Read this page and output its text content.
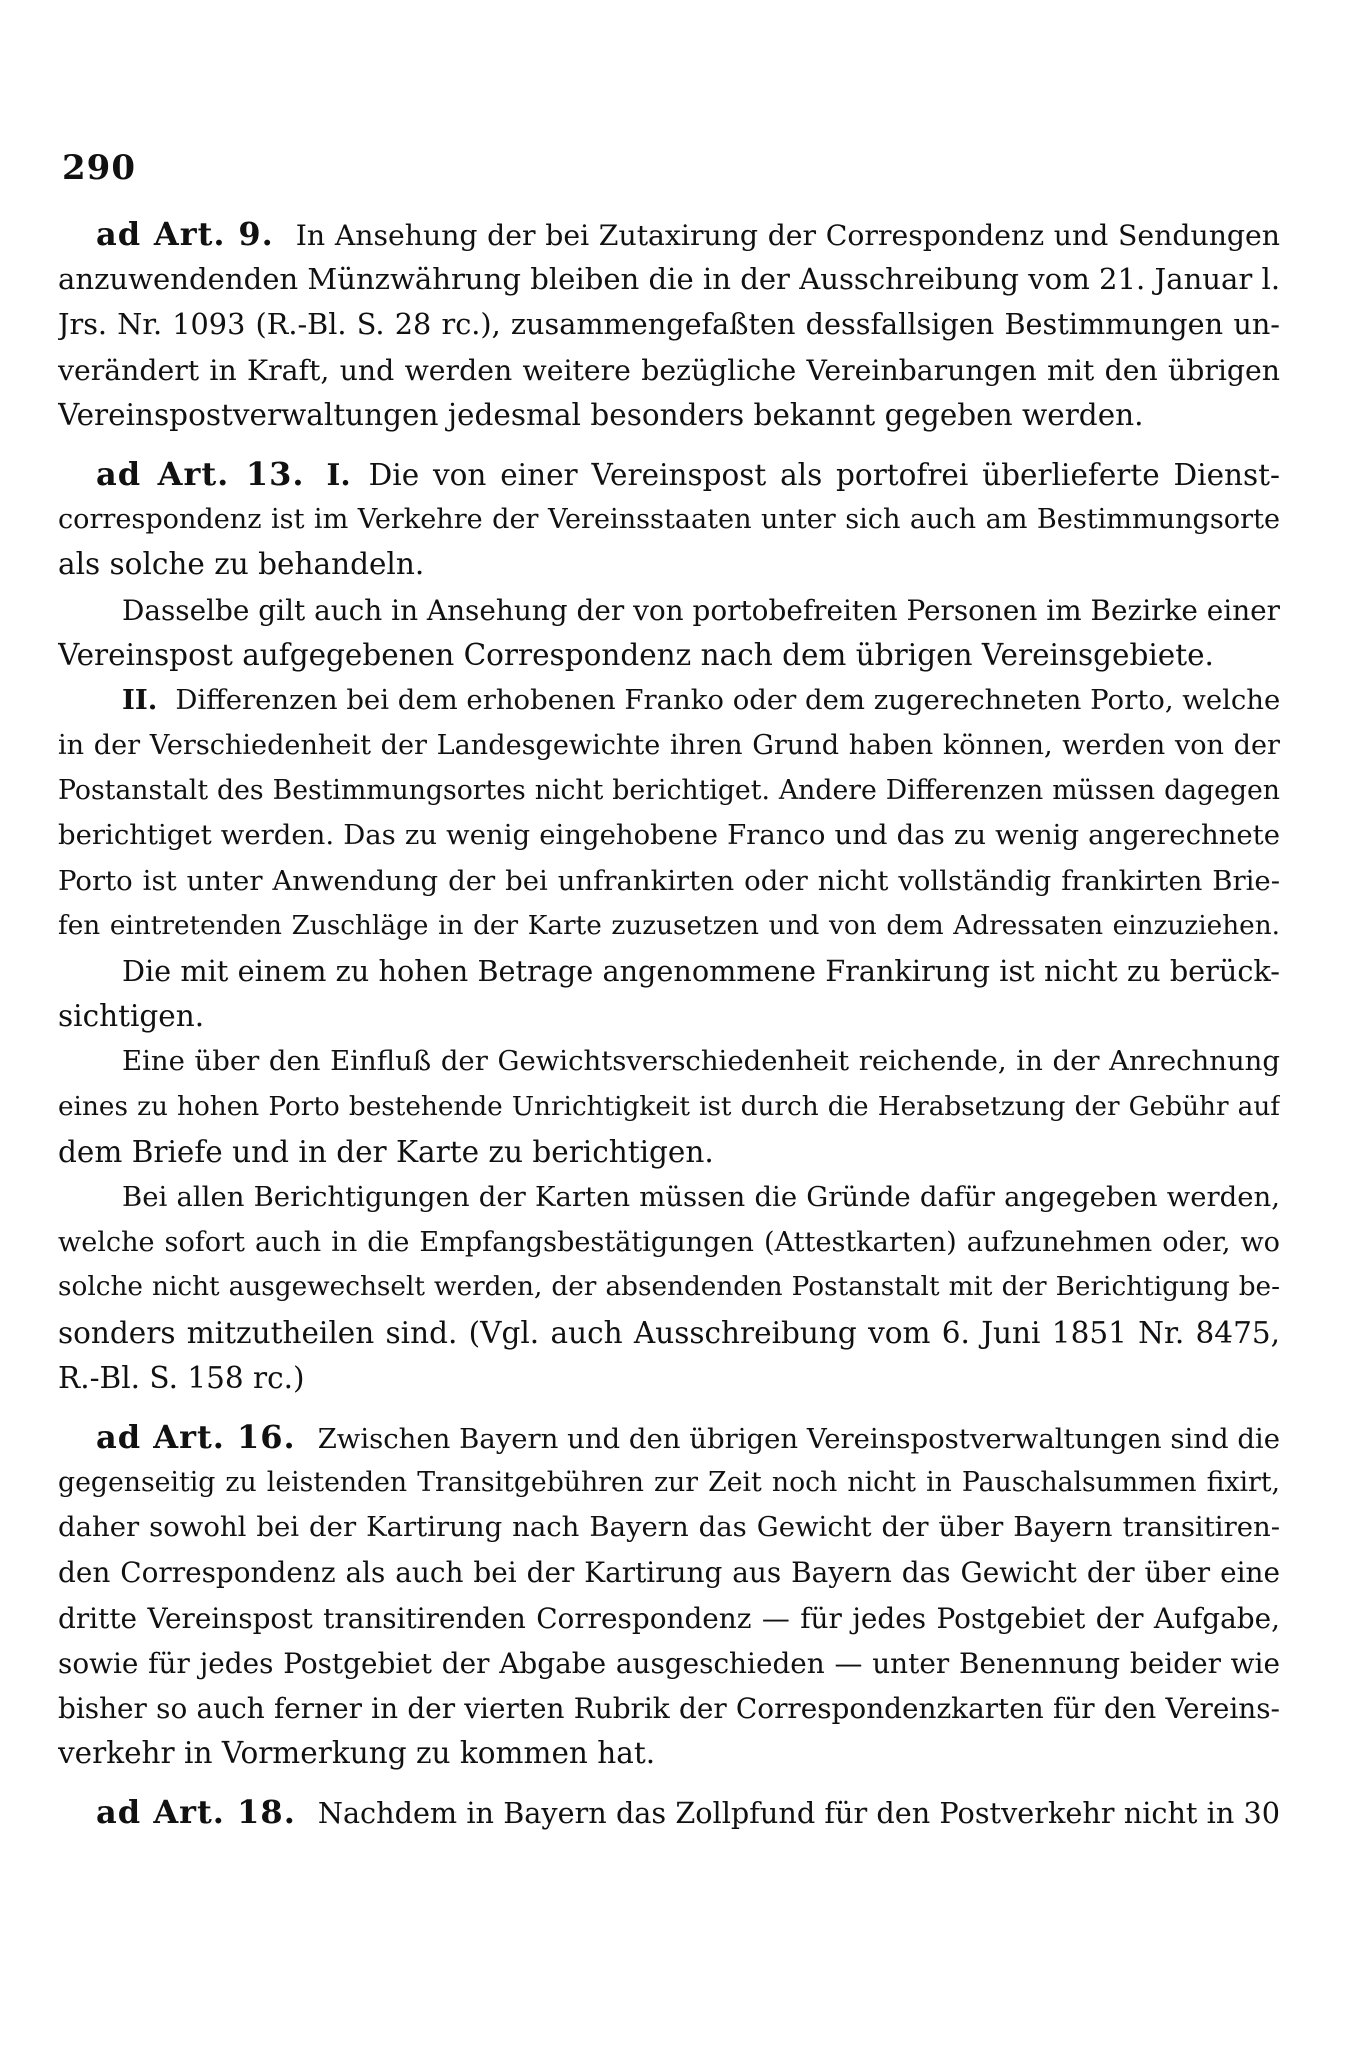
290
ad Art. 9. In Ansehung der bei Zutaxirung der Correspondenz und Sendungen
anzuwendenden Münzwährung bleiben die in der Ausschreibung vom 21. Januar l.
Jrs. Nr. 1093 (R.-Bl. S. 28 rc.), zusammengefaßten dessfallsigen Bestimmungen un-
verändert in Kraft, und werden weitere bezügliche Vereinbarungen mit den übrigen
Vereinspostverwaltungen jedesmal besonders bekannt gegeben werden.
ad Art. 13. I. Die von einer Vereinspost als portofrei überlieferte Dienst-
correspondenz ist im Verkehre der Vereinsstaaten unter sich auch am Bestimmungsorte
als solche zu behandeln.
Dasselbe gilt auch in Ansehung der von portobefreiten Personen im Bezirke einer
Vereinspost aufgegebenen Correspondenz nach dem übrigen Vereinsgebiete.
II. Differenzen bei dem erhobenen Franko oder dem zugerechneten Porto, welche
in der Verschiedenheit der Landesgewichte ihren Grund haben können, werden von der
Postanstalt des Bestimmungsortes nicht berichtiget. Andere Differenzen müssen dagegen
berichtiget werden. Das zu wenig eingehobene Franco und das zu wenig angerechnete
Porto ist unter Anwendung der bei unfrankirten oder nicht vollständig frankirten Brie-
fen eintretenden Zuschläge in der Karte zuzusetzen und von dem Adressaten einzuziehen.
Die mit einem zu hohen Betrage angenommene Frankirung ist nicht zu berück-
sichtigen.
Eine über den Einfluß der Gewichtsverschiedenheit reichende, in der Anrechnung
eines zu hohen Porto bestehende Unrichtigkeit ist durch die Herabsetzung der Gebühr auf
dem Briefe und in der Karte zu berichtigen.
Bei allen Berichtigungen der Karten müssen die Gründe dafür angegeben werden,
welche sofort auch in die Empfangsbestätigungen (Attestkarten) aufzunehmen oder, wo
solche nicht ausgewechselt werden, der absendenden Postanstalt mit der Berichtigung be-
sonders mitzutheilen sind. (Vgl. auch Ausschreibung vom 6. Juni 1851 Nr. 8475,
R.-Bl. S. 158 rc.)
ad Art. 16. Zwischen Bayern und den übrigen Vereinspostverwaltungen sind die
gegenseitig zu leistenden Transitgebühren zur Zeit noch nicht in Pauschalsummen fixirt,
daher sowohl bei der Kartirung nach Bayern das Gewicht der über Bayern transitiren-
den Correspondenz als auch bei der Kartirung aus Bayern das Gewicht der über eine
dritte Vereinspost transitirenden Correspondenz — für jedes Postgebiet der Aufgabe,
sowie für jedes Postgebiet der Abgabe ausgeschieden — unter Benennung beider wie
bisher so auch ferner in der vierten Rubrik der Correspondenzkarten für den Vereins-
verkehr in Vormerkung zu kommen hat.
ad Art. 18. Nachdem in Bayern das Zollpfund für den Postverkehr nicht in 30
